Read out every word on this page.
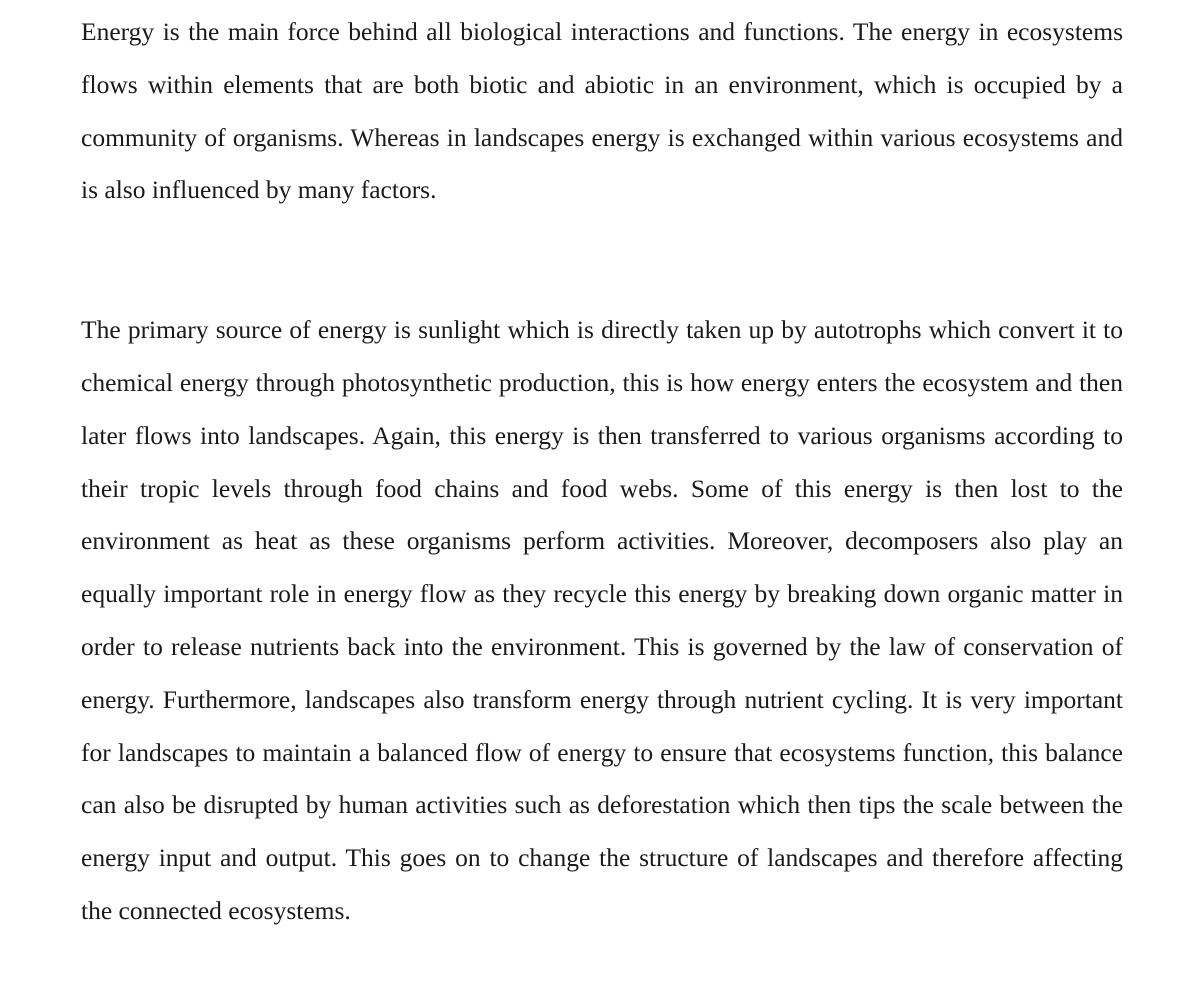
Energy is the main force behind all biological interactions and functions. The energy in ecosystems flows within elements that are both biotic and abiotic in an environment, which is occupied by a community of organisms. Whereas in landscapes energy is exchanged within various ecosystems and is also influenced by many factors.

The primary source of energy is sunlight which is directly taken up by autotrophs which convert it to chemical energy through photosynthetic production, this is how energy enters the ecosystem and then later flows into landscapes. Again, this energy is then transferred to various organisms according to their tropic levels through food chains and food webs. Some of this energy is then lost to the environment as heat as these organisms perform activities. Moreover, decomposers also play an equally important role in energy flow as they recycle this energy by breaking down organic matter in order to release nutrients back into the environment. This is governed by the law of conservation of energy. Furthermore, landscapes also transform energy through nutrient cycling. It is very important for landscapes to maintain a balanced flow of energy to ensure that ecosystems function, this balance can also be disrupted by human activities such as deforestation which then tips the scale between the energy input and output. This goes on to change the structure of landscapes and therefore affecting the connected ecosystems.
